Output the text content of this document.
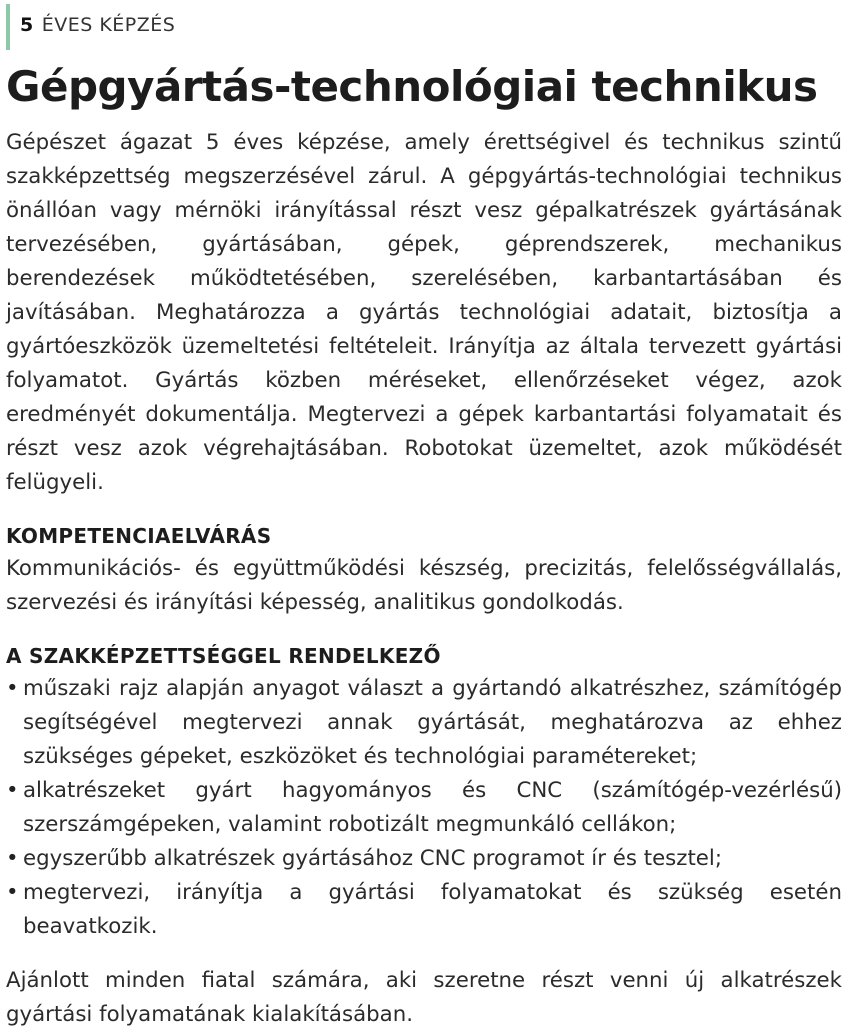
5 ÉVES KÉPZÉS
Gépgyártás-technológiai technikus

Gépészet ágazat 5 éves képzése, amely érettségivel és technikus szintű szakképzettség megszerzésével zárul. A gépgyártás-technológiai technikus önállóan vagy mérnöki irányítással részt vesz gépalkatrészek gyártásának tervezésében, gyártásában, gépek, géprendszerek, mechanikus berendezések működtetésében, szerelésében, karbantartásában és javításában. Meghatározza a gyártás technológiai adatait, biztosítja a gyártóeszközök üzemeltetési feltételeit. Irányítja az általa tervezett gyártási folyamatot. Gyártás közben méréseket, ellenőrzéseket végez, azok eredményét dokumentálja. Megtervezi a gépek karbantartási folyamatait és részt vesz azok végrehajtásában. Robotokat üzemeltet, azok működését felügyeli.

KOMPETENCIAELVÁRÁS

Kommunikációs- és együttműködési készség, precizitás, felelősségvállalás, szervezési és irányítási képesség, analitikus gondolkodás.

A SZAKKÉPZETTSÉGGEL RENDELKEZŐ
• műszaki rajz alapján anyagot választ a gyártandó alkatrészhez, számítógép segítségével megtervezi annak gyártását, meghatározva az ehhez szükséges gépeket, eszközöket és technológiai paramétereket;
• alkatrészeket gyárt hagyományos és CNC (számítógép-vezérlésű) szerszámgépeken, valamint robotizált megmunkáló cellákon;
• egyszerűbb alkatrészek gyártásához CNC programot ír és tesztel;
• megtervezi, irányítja a gyártási folyamatokat és szükség esetén beavatkozik.

Ajánlott minden fiatal számára, aki szeretne részt venni új alkatrészek gyártási folyamatának kialakításában.
